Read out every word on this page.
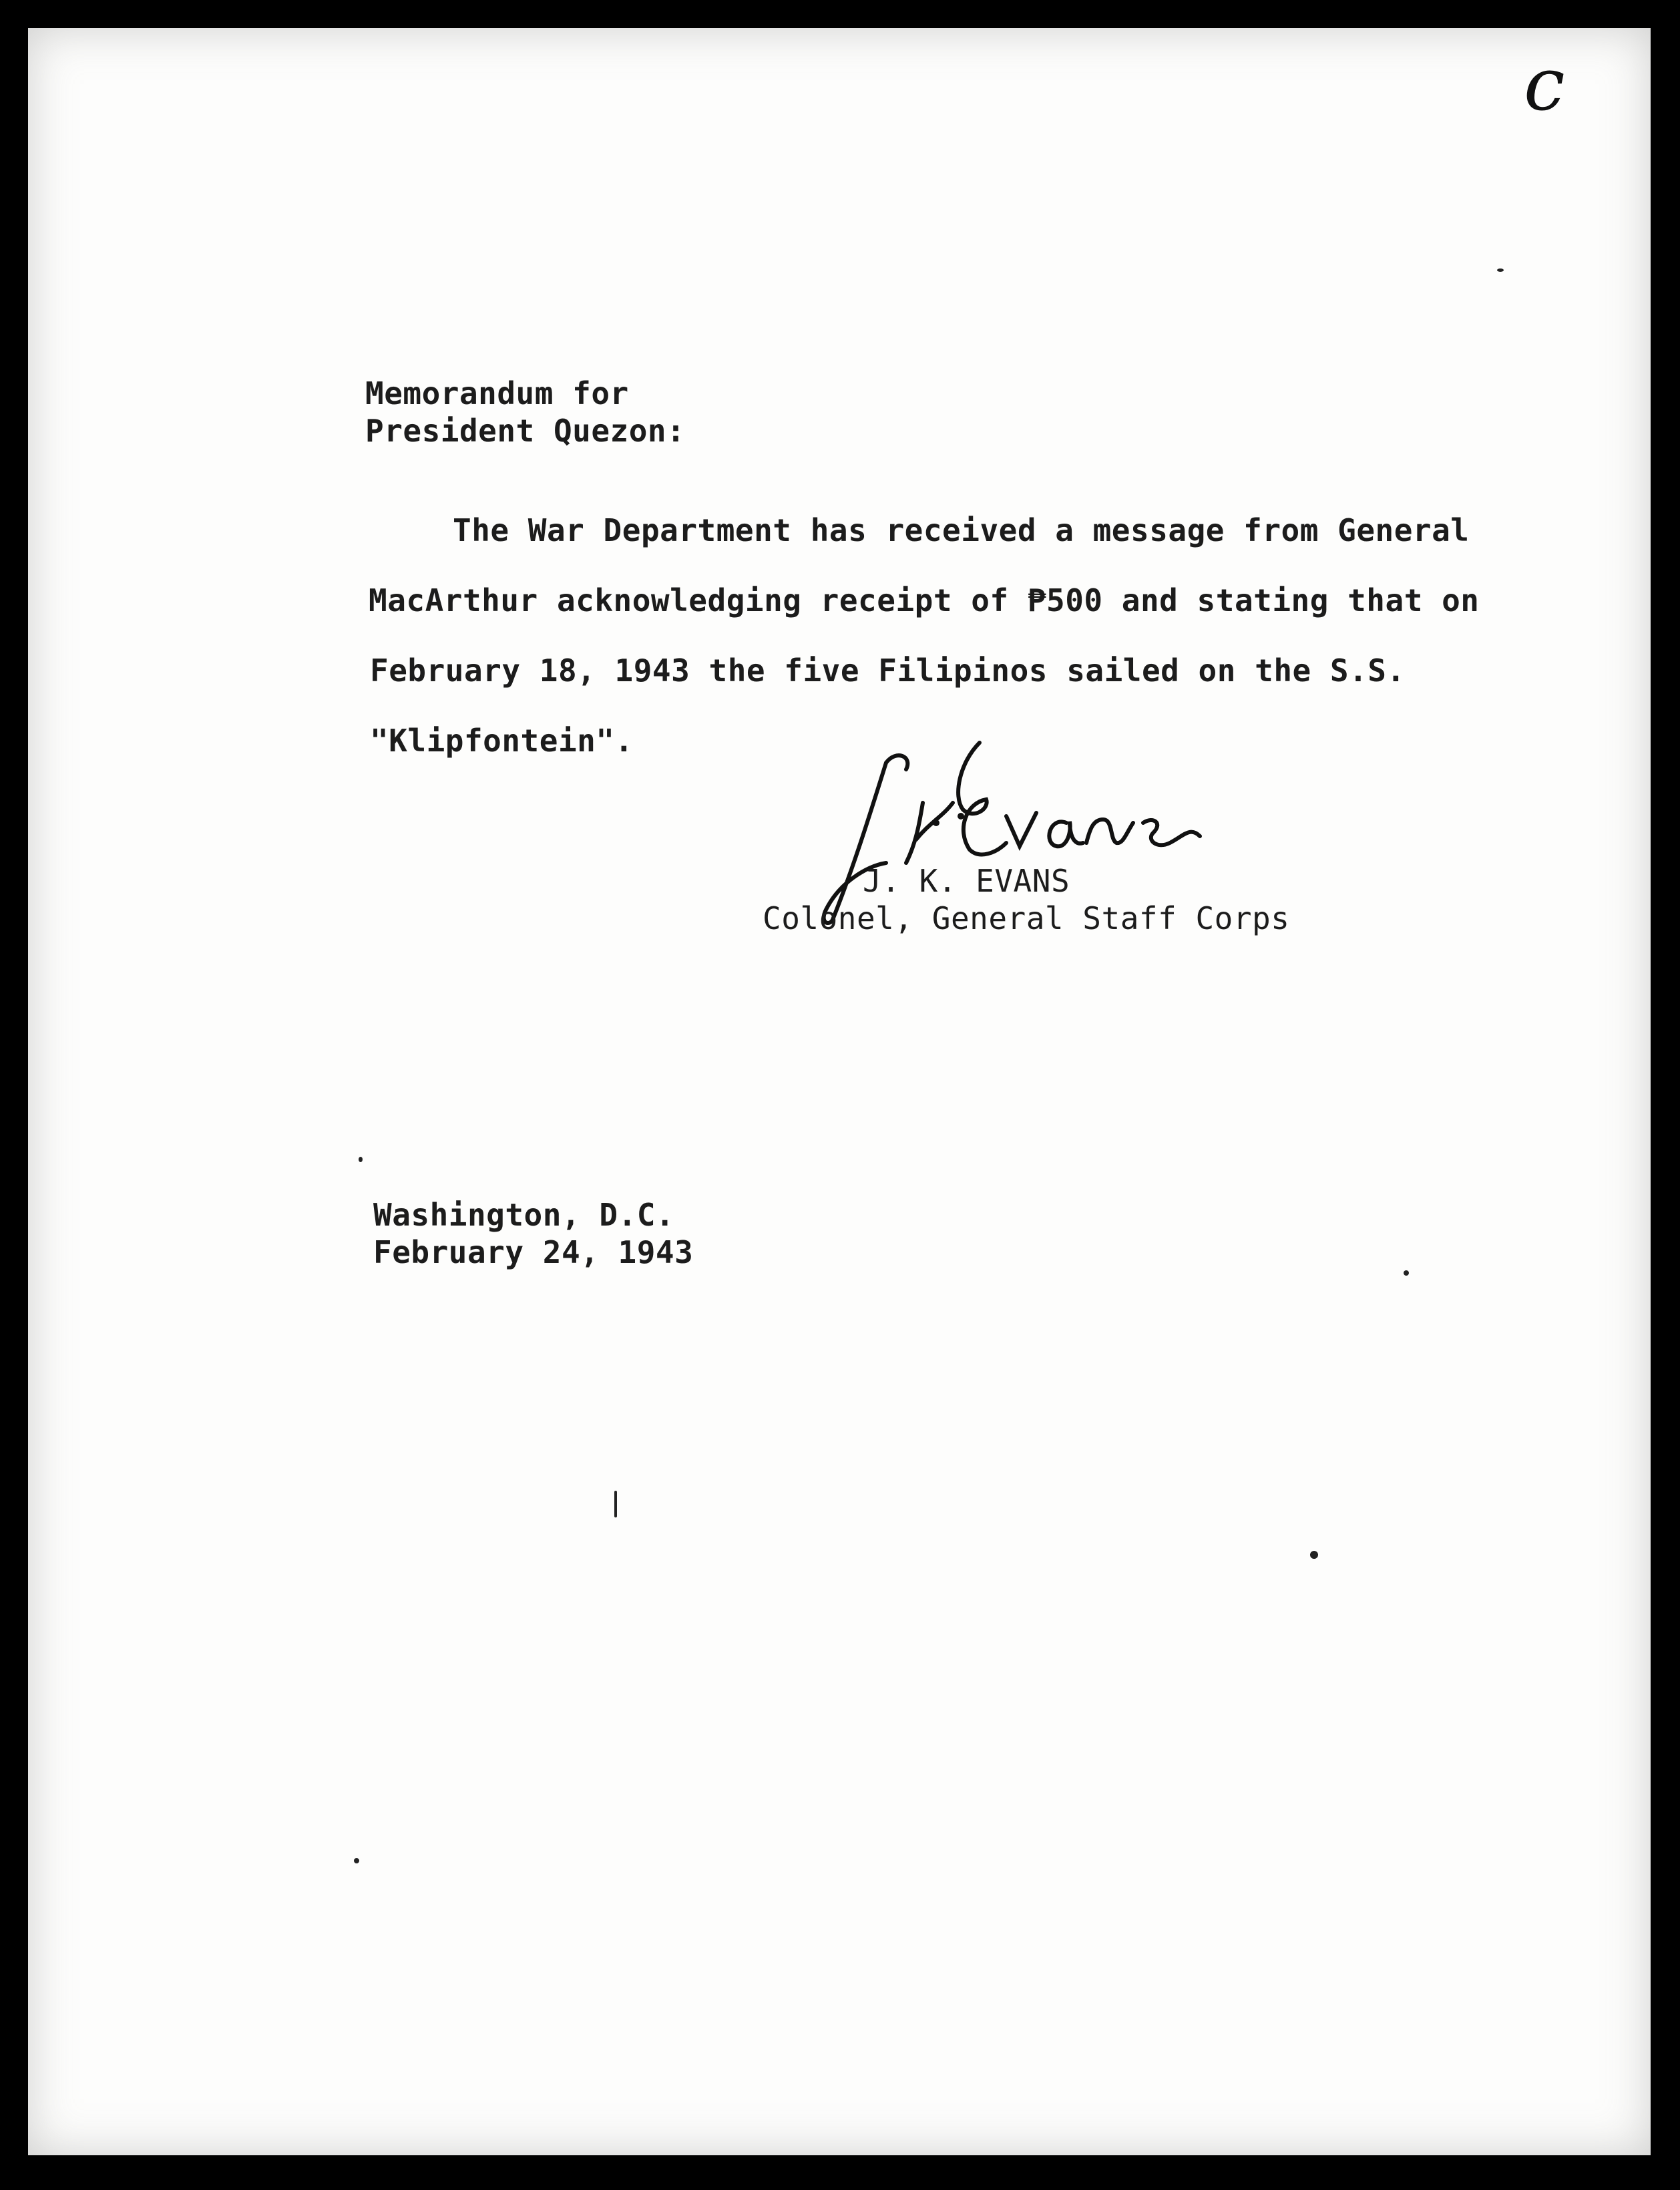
c
Memorandum for
President Quezon:
The War Department has received a message from General
MacArthur acknowledging receipt of ₱500 and stating that on
February 18, 1943 the five Filipinos sailed on the S.S.
"Klipfontein".
J. K. EVANS
Colonel, General Staff Corps
Washington, D.C.
February 24, 1943
